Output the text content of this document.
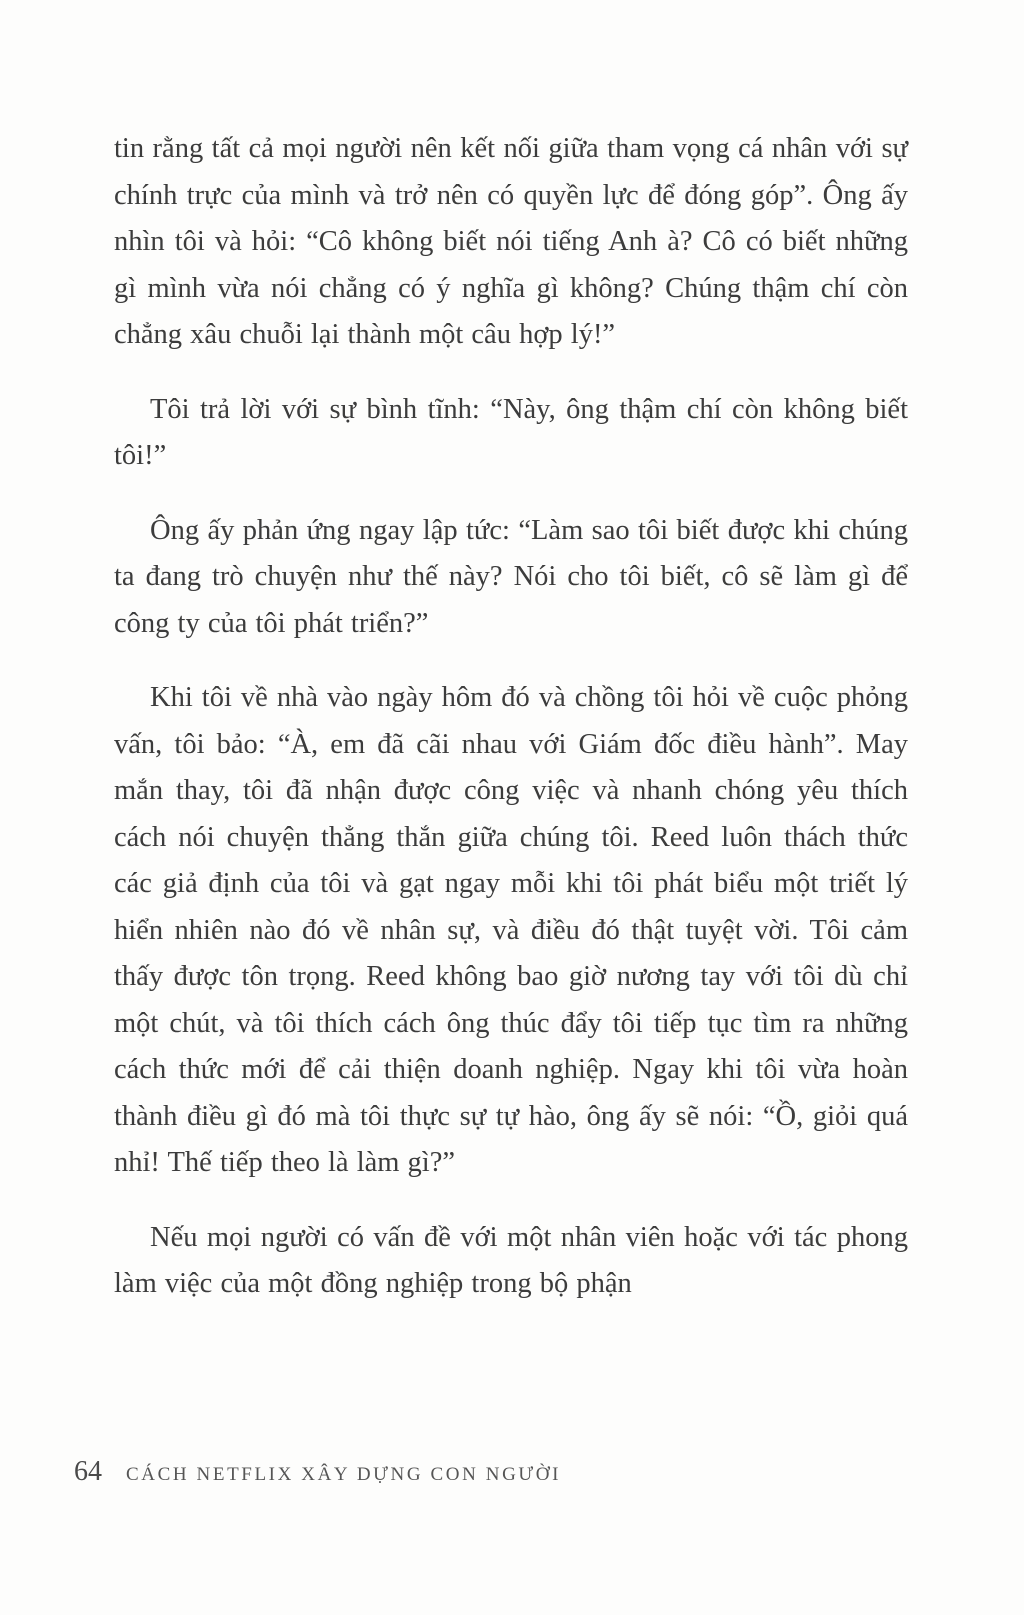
tin rằng tất cả mọi người nên kết nối giữa tham vọng cá nhân với sự chính trực của mình và trở nên có quyền lực để đóng góp”. Ông ấy nhìn tôi và hỏi: “Cô không biết nói tiếng Anh à? Cô có biết những gì mình vừa nói chẳng có ý nghĩa gì không? Chúng thậm chí còn chẳng xâu chuỗi lại thành một câu hợp lý!”

Tôi trả lời với sự bình tĩnh: “Này, ông thậm chí còn không biết tôi!”

Ông ấy phản ứng ngay lập tức: “Làm sao tôi biết được khi chúng ta đang trò chuyện như thế này? Nói cho tôi biết, cô sẽ làm gì để công ty của tôi phát triển?”

Khi tôi về nhà vào ngày hôm đó và chồng tôi hỏi về cuộc phỏng vấn, tôi bảo: “À, em đã cãi nhau với Giám đốc điều hành”. May mắn thay, tôi đã nhận được công việc và nhanh chóng yêu thích cách nói chuyện thẳng thắn giữa chúng tôi. Reed luôn thách thức các giả định của tôi và gạt ngay mỗi khi tôi phát biểu một triết lý hiển nhiên nào đó về nhân sự, và điều đó thật tuyệt vời. Tôi cảm thấy được tôn trọng. Reed không bao giờ nương tay với tôi dù chỉ một chút, và tôi thích cách ông thúc đẩy tôi tiếp tục tìm ra những cách thức mới để cải thiện doanh nghiệp. Ngay khi tôi vừa hoàn thành điều gì đó mà tôi thực sự tự hào, ông ấy sẽ nói: “Ồ, giỏi quá nhỉ! Thế tiếp theo là làm gì?”

Nếu mọi người có vấn đề với một nhân viên hoặc với tác phong làm việc của một đồng nghiệp trong bộ phận

64 CÁCH NETFLIX XÂY DỰNG CON NGƯỜI
